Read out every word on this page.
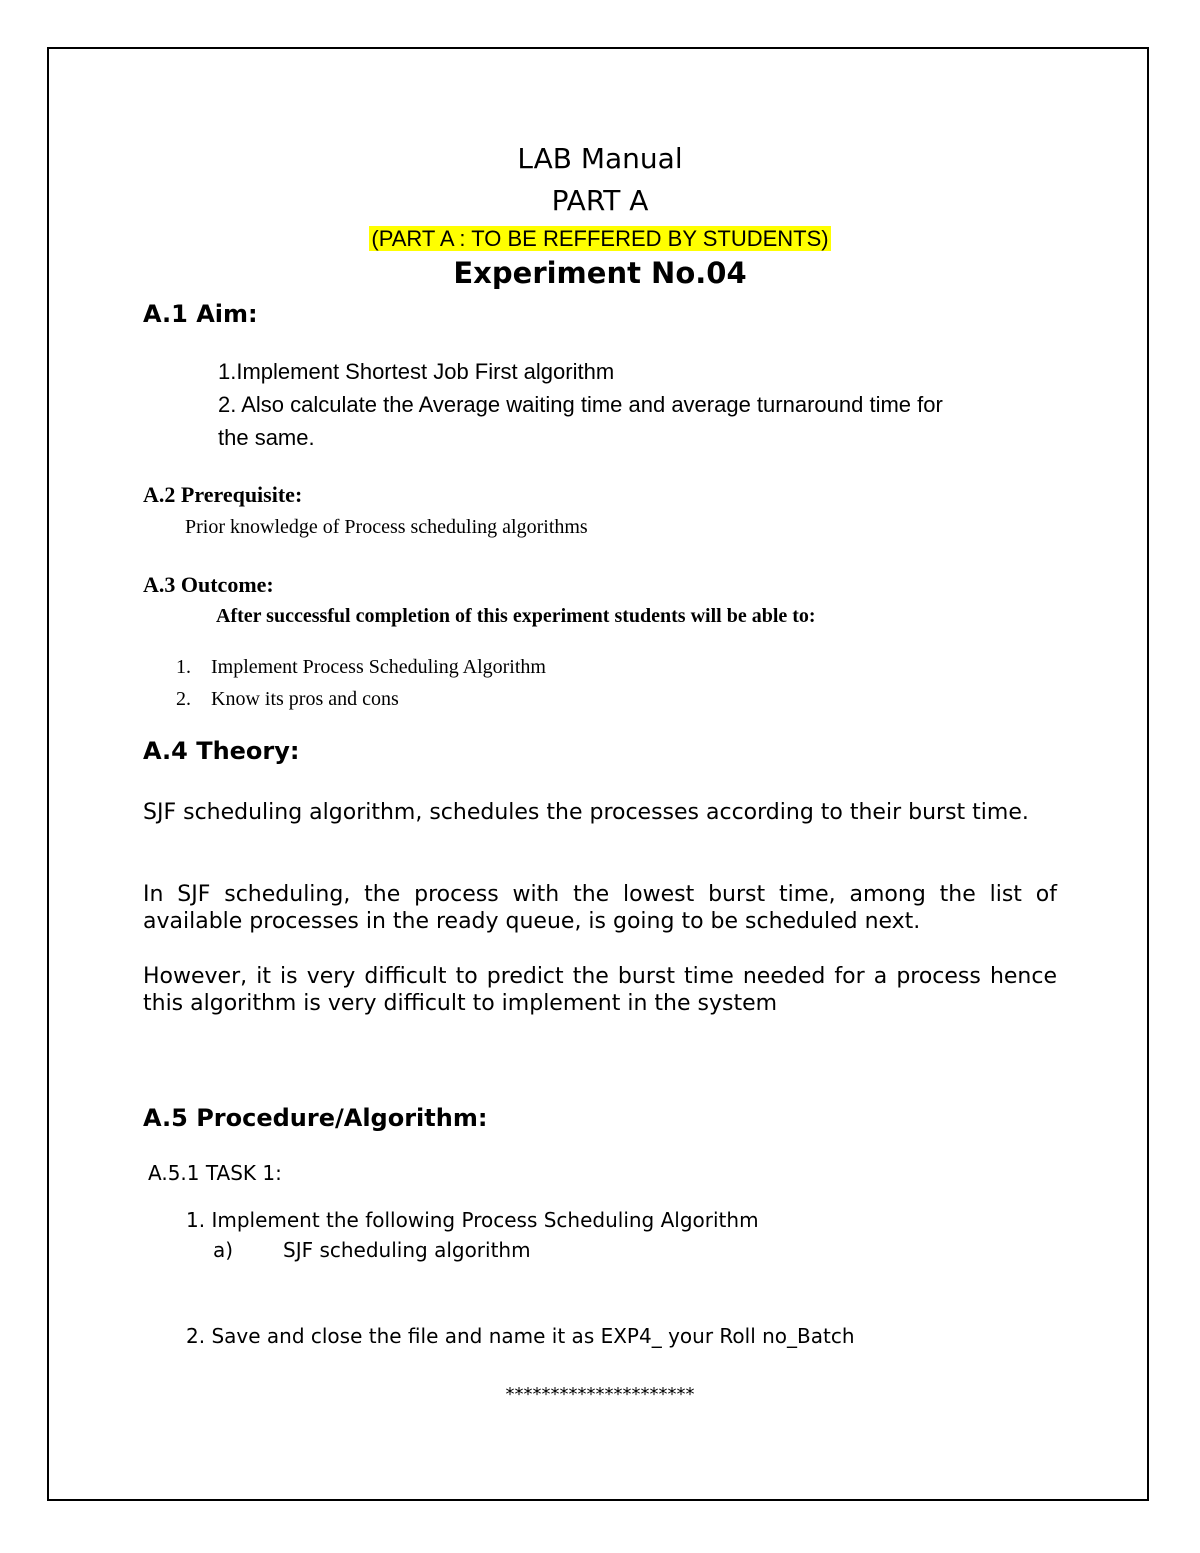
LAB Manual
PART A
(PART A : TO BE REFFERED BY STUDENTS)
Experiment No.04
A.1 Aim:
1.Implement Shortest Job First algorithm
2. Also calculate the Average waiting time and average turnaround time for
the same.
A.2 Prerequisite:
Prior knowledge of Process scheduling algorithms
A.3 Outcome:
After successful completion of this experiment students will be able to:
1. Implement Process Scheduling Algorithm
2. Know its pros and cons
A.4 Theory:
SJF scheduling algorithm, schedules the processes according to their burst time.
In SJF scheduling, the process with the lowest burst time, among the list of available processes in the ready queue, is going to be scheduled next.
However, it is very difficult to predict the burst time needed for a process hence this algorithm is very difficult to implement in the system
A.5 Procedure/Algorithm:
A.5.1 TASK 1:
1. Implement the following Process Scheduling Algorithm
a) SJF scheduling algorithm
2. Save and close the file and name it as EXP4_ your Roll no_Batch
*********************
